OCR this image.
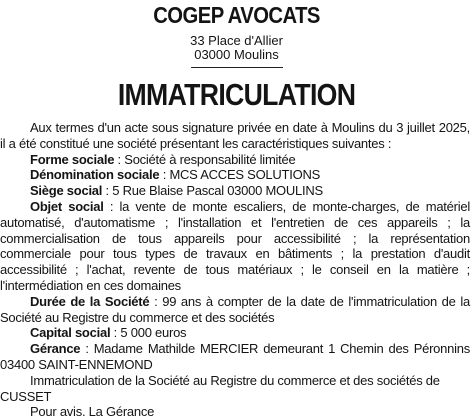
COGEP AVOCATS
33 Place d'Allier
03000 Moulins
IMMATRICULATION

Aux termes d'un acte sous signature privée en date à Moulins du 3 juillet 2025, il a été constitué une société présentant les caractéristiques suivantes :

Forme sociale : Société à responsabilité limitée

Dénomination sociale : MCS ACCES SOLUTIONS

Siège social : 5 Rue Blaise Pascal 03000 MOULINS

Objet social : la vente de monte escaliers, de monte-charges, de matériel automatisé, d'automatisme ; l'installation et l'entretien de ces appareils ; la commercialisation de tous appareils pour accessibilité ; la représentation commerciale pour tous types de travaux en bâtiments ; la prestation d'audit accessibilité ; l'achat, revente de tous matériaux ; le conseil en la matière ; l'intermédiation en ces domaines

Durée de la Société : 99 ans à compter de la date de l'immatriculation de la Société au Registre du commerce et des sociétés

Capital social : 5 000 euros

Gérance : Madame Mathilde MERCIER demeurant 1 Chemin des Péronnins 03400 SAINT-ENNEMOND

Immatriculation de la Société au Registre du commerce et des sociétés de CUSSET

Pour avis. La Gérance
